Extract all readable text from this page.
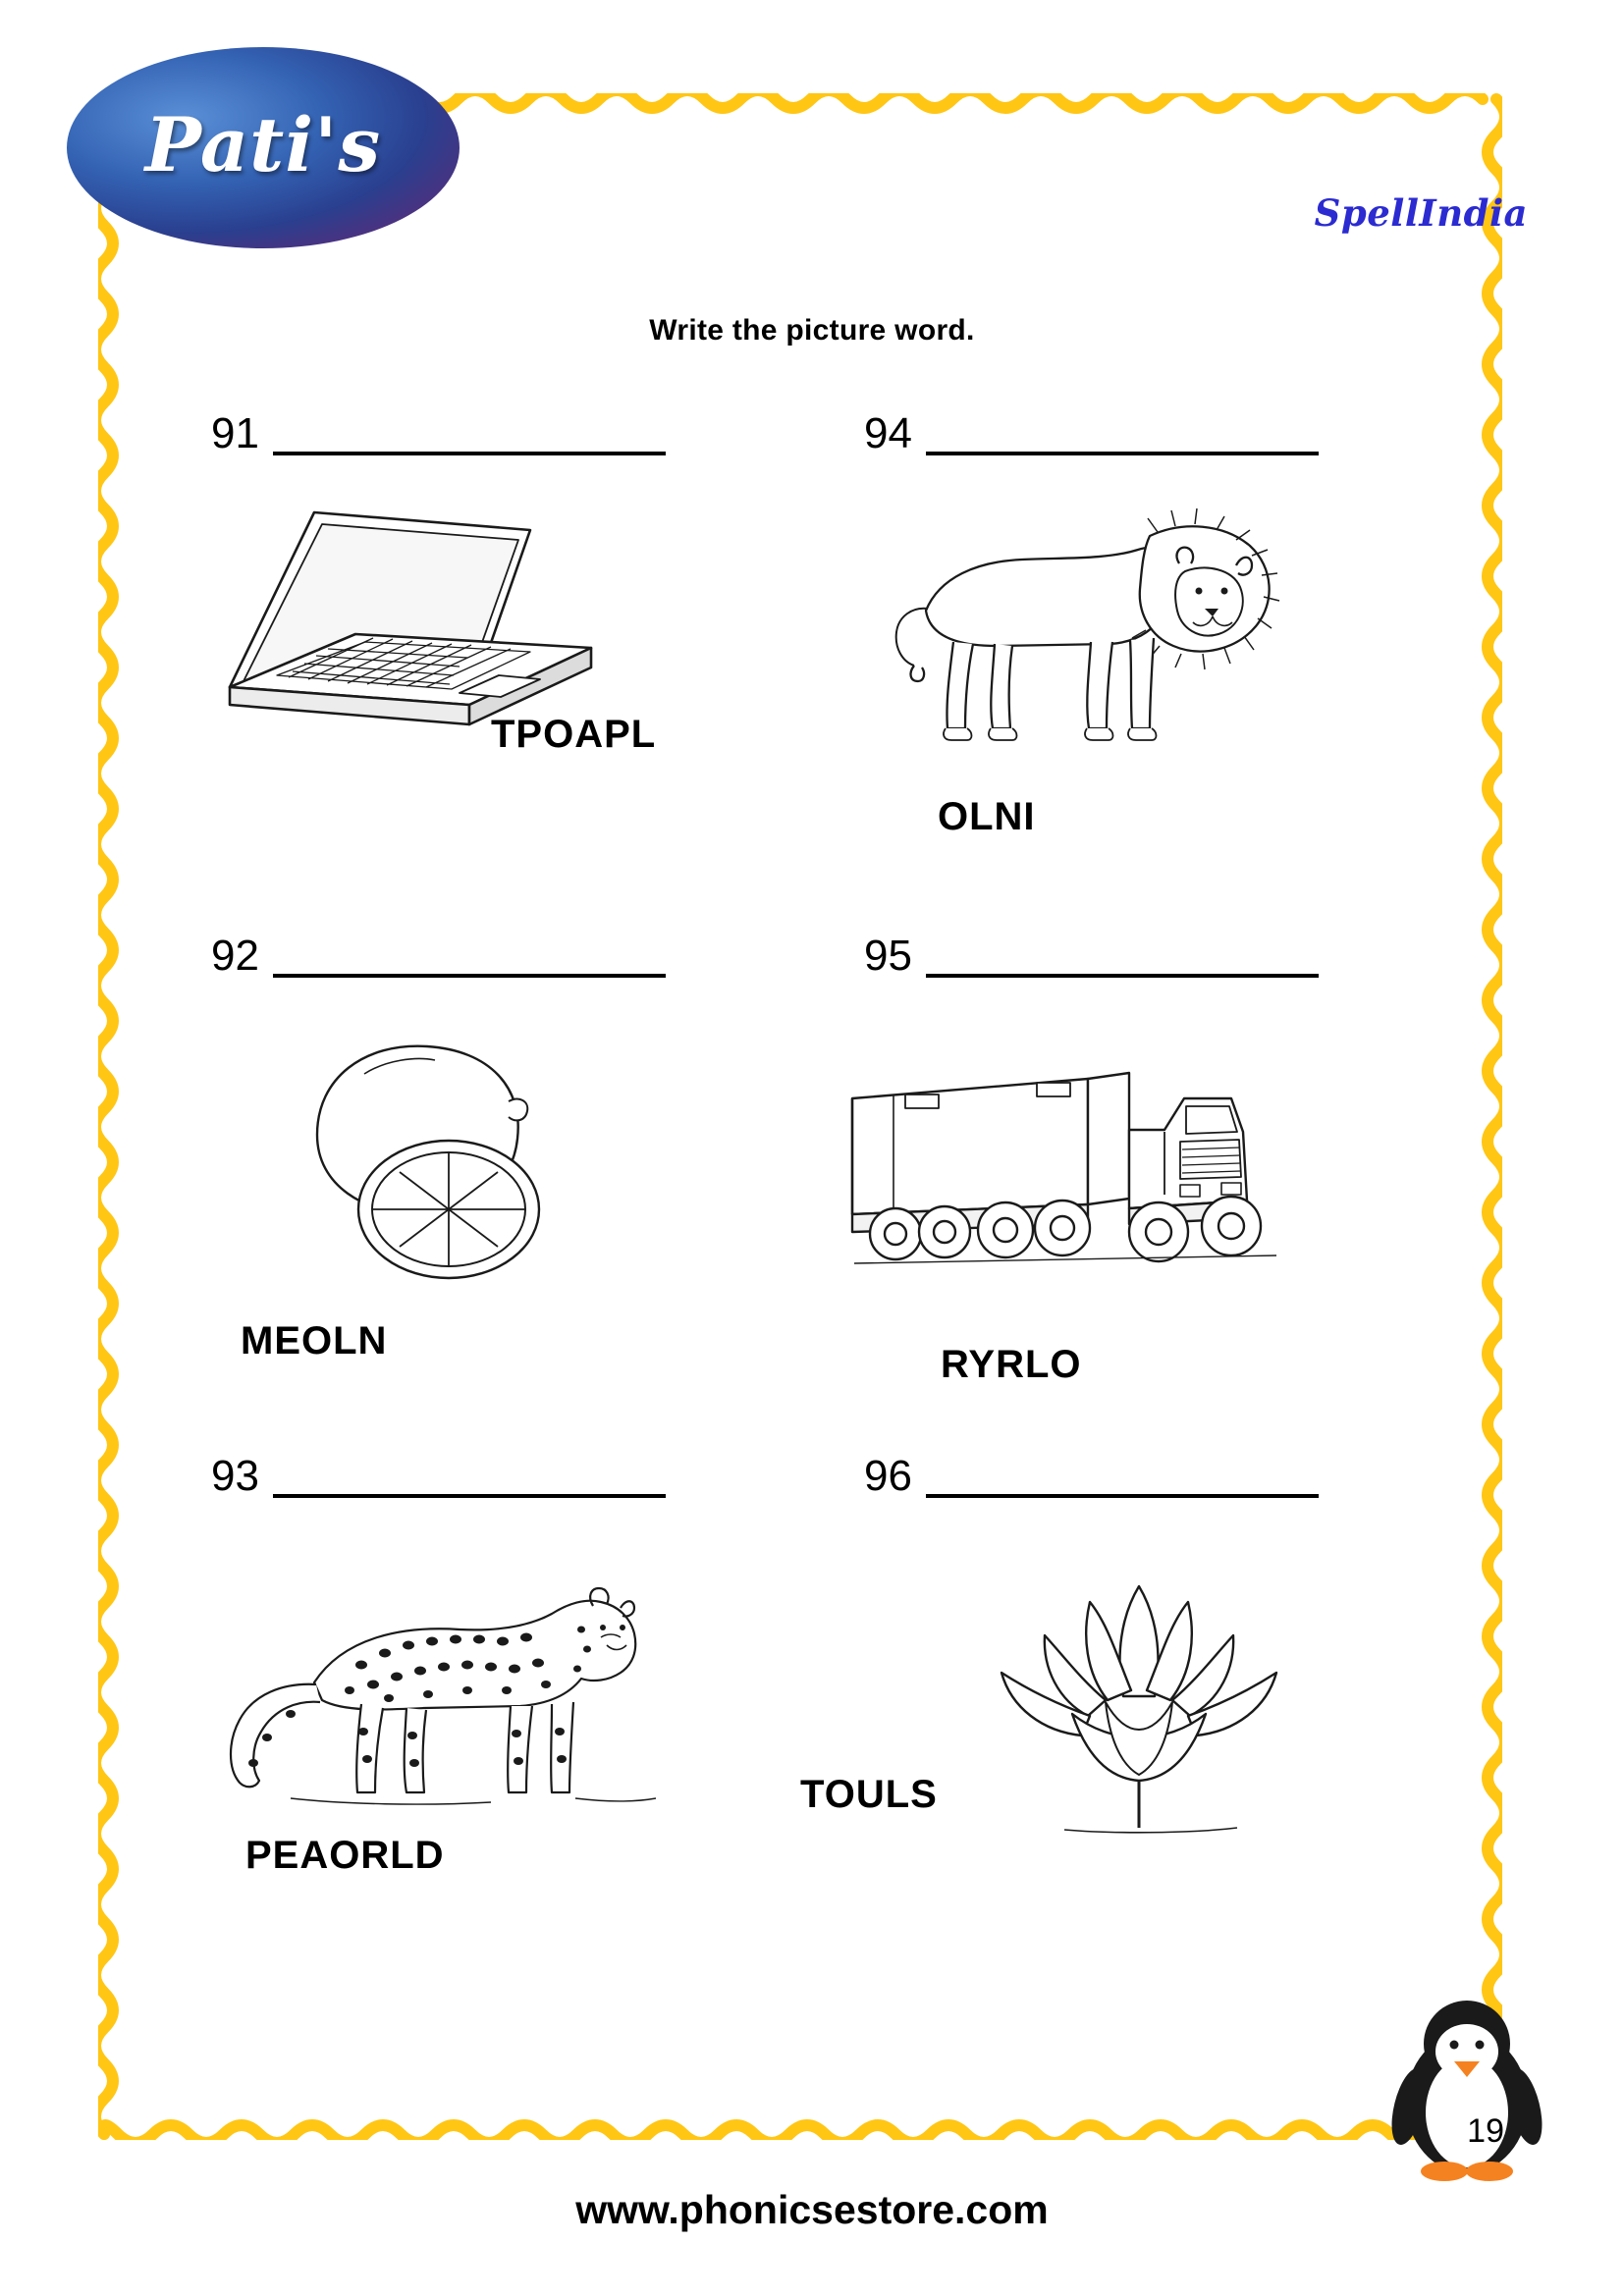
Pati's
SpellIndia
Write the picture word.
91
TPOAPL
92
MEOLN
93
PEAORLD
94
OLNI
95
RYRLO
96
TOULS
19
www.phonicsestore.com
